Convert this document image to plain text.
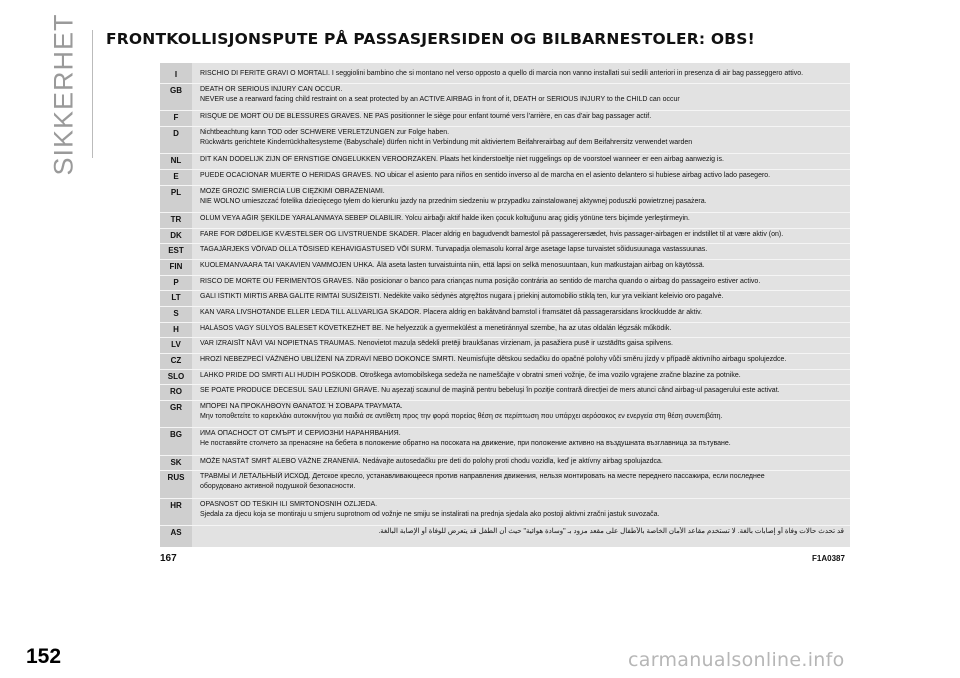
SIKKERHET FRONTKOLLISJONSPUTE PÅ PASSASJERSIDEN OG BILBARNESTOLER: OBS!
I	RISCHIO DI FERITE GRAVI O MORTALI. I seggiolini bambino che si montano nel verso opposto a quello di marcia non vanno installati sui sedili anteriori in presenza di air bag passeggero attivo.
GB	DEATH OR SERIOUS INJURY CAN OCCUR.
NEVER use a rearward facing child restraint on a seat protected by an ACTIVE AIRBAG in front of it, DEATH or SERIOUS INJURY to the CHILD can occur
F	RISQUE DE MORT OU DE BLESSURES GRAVES. NE PAS positionner le siège pour enfant tourné vers l’arrière, en cas d’air bag passager actif.
D	Nichtbeachtung kann TOD oder SCHWERE VERLETZUNGEN zur Folge haben.
Rückwärts gerichtete Kinderrückhaltesysteme (Babyschale) dürfen nicht in Verbindung mit aktiviertem Beifahrerairbag auf dem Beifahrersitz verwendet warden
NL	DIT KAN DODELIJK ZIJN OF ERNSTIGE ONGELUKKEN VEROORZAKEN. Plaats het kinderstoeltje niet ruggelings op de voorstoel wanneer er een airbag aanwezig is.
E	PUEDE OCACIONAR MUERTE O HERIDAS GRAVES. NO ubicar el asiento para niños en sentido inverso al de marcha en el asiento delantero si hubiese airbag activo lado pasegero.
PL	MOŻE GROZIĆ ŚMIERCIA LUB CIĘŻKIMI OBRAŻENIAMI.
NIE WOLNO umieszczać fotelika dziecięcego tyłem do kierunku jazdy na przednim siedzeniu w przypadku zainstalowanej aktywnej poduszki powietrznej pasażera.
TR	ÖLÜM VEYA AĞIR ŞEKİLDE YARALANMAYA SEBEP OLABİLİR. Yolcu airbağı aktif halde iken çocuk koltuğunu araç gidiş yönüne ters biçimde yerleştirmeyin.
DK	FARE FOR DØDELIGE KVÆSTELSER OG LIVSTRUENDE SKADER. Placer aldrig en bagudvendt barnestol på passagerersædet, hvis passager-airbagen er indstillet til at være aktiv (on).
EST	TAGAJÄRJEKS VÕIVAD OLLA TÕSISED KEHAVIGASTUSED VÕI SURM. Turvapadja olemasolu korral ärge asetage lapse turvaistet sõidusuunaga vastassuunas.
FIN	KUOLEMANVAARA TAI VAKAVIEN VAMMOJEN UHKA. Älä aseta lasten turvaistuinta niin, että lapsi on selkä menosuuntaan, kun matkustajan airbag on käytössä.
P	RISCO DE MORTE OU FERIMENTOS GRAVES. Não posicionar o banco para crianças numa posição contrária ao sentido de marcha quando o airbag do passageiro estiver activo.
LT	GALI IŠTIKTI MIRTIS ARBA GALITE RIMTAI SUSIŽEISTI. Nedėkite vaiko sėdynės atgręžtos nugara į priekinį automobilio stiklą ten, kur yra veikiant keleivio oro pagalvė.
S	KAN VARA LIVSHOTANDE ELLER LEDA TILL ALLVARLIGA SKADOR. Placera aldrig en bakåtvänd barnstol i framsätet då passagerarsidans krockkudde är aktiv.
H	HALÁSOS VAGY SÚLYOS BALESET KÖVETKEZHET BE. Ne helyezzük a gyermekülést a menetiránnyal szembe, ha az utas oldalán légzsák működik.
LV	VAR IZRAISĪT NĀVI VAI NOPIETNAS TRAUMAS. Nenovietot mazuļa sēdekli pretēji braukšanas virzienam, ja pasažiera pusē ir uzstādīts gaisa spilvens.
CZ	HROZÍ NEBEZPEČÍ VÁŽNÉHO UBLÍŽENÍ NA ZDRAVÍ NEBO DOKONCE SMRTI. Neumisťujte dětskou sedačku do opačné polohy vůči směru jízdy v případě aktivního airbagu spolujezdce.
SLO	LAHKO PRIDE DO SMRTI ALI HUDIH POŠKODB. Otroškega avtomobilskega sedeža ne nameščajte v obratni smeri vožnje, če ima vozilo vgrajene zračne blazine za potnike.
RO	SE POATE PRODUCE DECESUL SAU LEZIUNI GRAVE. Nu aşezaţi scaunul de maşină pentru bebeluşi în poziţie contrară direcţiei de mers atunci când airbag-ul pasagerului este activat.
GR	ΜΠΟΡΕΙ ΝΑ ΠΡΟΚΛΗΘΟΥΝ ΘΑΝΑΤΟΣ Ή ΣΟΒΑΡΑ ΤΡΑΥΜΑΤΑ.
Μην τοποθετείτε το καρεκλάκι αυτοκινήτου για παιδιά σε αντίθετη προς την φορά πορείας θέση σε περίπτωση που υπάρχει αερόσακος εν ενεργεία στη θέση συνεπιβάτη.
BG	ИМА ОПАСНОСТ ОТ СМЪРТ И СЕРИОЗНИ НАРАНЯВАНИЯ.
Не поставяйте столчето за пренасяне на бебета в положение обратно на посоката на движение, при положение активно на въздушната възглавница за пътуване.
SK	MÔŽE NASTAŤ SMRŤ ALEBO VÁŽNE ZRANENIA. Nedávajte autosedačku pre deti do polohy proti chodu vozidla, keď je aktívny airbag spolujazdca.
RUS	ТРАВМЫ И ЛЕТАЛЬНЫЙ ИСХОД. Детское кресло, устанавливающееся против направления движения, нельзя монтировать на месте переднего пассажира, если последнее
оборудовано активной подушкой безопасности.
HR	OPASNOST OD TEŠKIH ILI SMRTONOSNIH OZLJEDA.
Sjedala za djecu koja se montiraju u smjeru suprotnom od vožnje ne smiju se instalirati na prednja sjedala ako postoji aktivni zračni jastuk suvozača.
AS	قد تحدث حالات وفاة أو إصابات بالغة. لا تستخدم مقاعد الأمان الخاصة بالأطفال على مقعد مزود بـ "وسادة هوائية" حيث أن الطفل قد يتعرض للوفاة أو الإصابة البالغة.
167	F1A0387
152	carmanualsonline.info
